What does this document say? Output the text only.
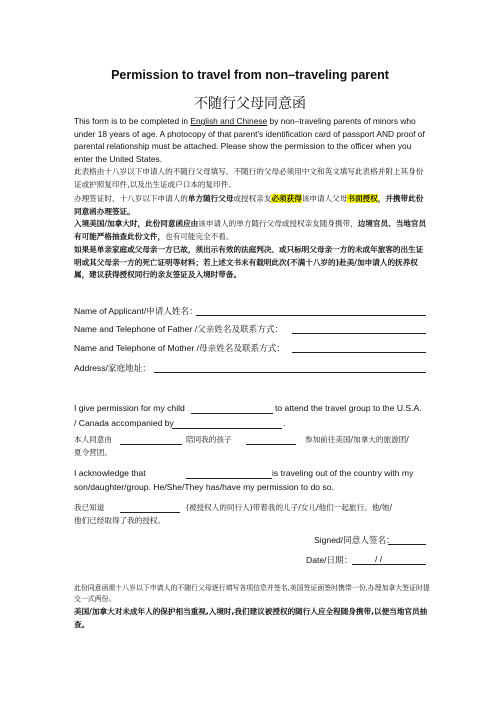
Permission to travel from non–traveling parent
不随行父母同意函
This form is to be completed in English and Chinese by non–traveling parents of minors who under 18 years of age. A photocopy of that parent's identification card of passport AND proof of parental relationship must be attached. Please show the permission to the officer when you enter the United States.
此表格由十八岁以下申请人的不随行父母填写。不随行的父母必须用中文和英文填写此表格并附上其身份证或护照复印件,以及出生证或户口本的复印件。
办理签证时，十八岁以下申请人的单方随行父母或授权亲友必须获得该申请人父母书面授权，并携带此份同意函办理签证。
入境美国/加拿大时，此份同意函应由该申请人的单方随行父母或授权亲友随身携带，边境官员、当地官员有可能严格抽查此份文件，也有可能完全不看。
如果是单亲家庭或父母亲一方已故，须出示有效的法庭判决、或只标明父母亲一方的未成年旅客的出生证明或其父母亲一方的死亡证明等材料；若上述文书未有载明此次(不满十八岁的)赴美/加申请人的抚养权属，建议获得授权同行的亲友签证及入境时带备。
Name of Applicant/申请人姓名：
Name and Telephone of Father /父亲姓名及联系方式：
Name and Telephone of Mother /母亲姓名及联系方式：
Address/家庭地址：
I give permission for my child	to attend the travel group to the U.S.A.
/ Canada accompanied by	.
本人同意由	陪同我的孩子	参加前往美国/加拿大的旅游团/
夏令营团。
I acknowledge that	is traveling out of the country with my
son/daughter/group. He/She/They has/have my permission to do so.
我已知道	(被授权人的同行人)带着我的儿子/女儿/他们一起旅行。他/她/
他们已经取得了我的授权。
Signed/同意人签名：
Date/日期：	/ /
此份同意函需十八岁以下申请人的不随行父母逐行填写各项信息并签名,美国签证面签时携带一份,办理加拿大签证时提交一式两份。
美国/加拿大对未成年人的保护相当重视,入境时,我们建议被授权的随行人应全程随身携带,以便当地官员抽查。
